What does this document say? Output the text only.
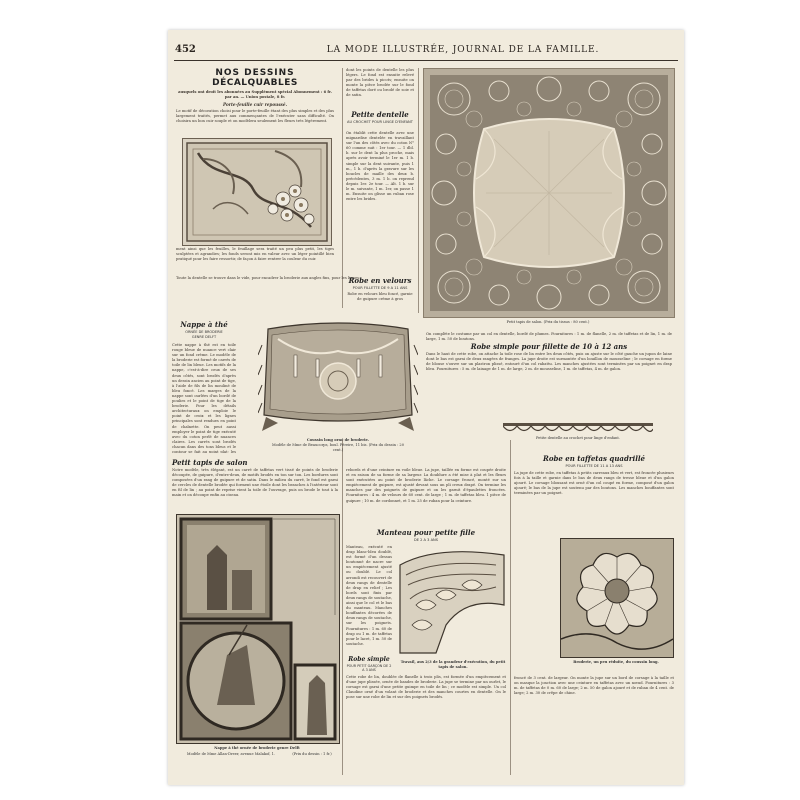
452	LA MODE ILLUSTRÉE, JOURNAL DE LA FAMILLE.
NOS DESSINS
DÉCALQUABLES
auxquels ont droit les abonnées au Supplément spécial Abonnement : 6 fr. par an. — Union postale, 8 fr.
Porte-feuille cuir repoussé.
Le motif de décoration choisi pour le porte-feuille étant des plus simples et des plus largement traités, permet aux commençantes de l'exécuter sans difficulté. On choisira un bon cuir souple et on modèlera seulement les fleurs très légèrement.
ment ainsi que les feuilles, le feuillage sera traité un peu plus petit, les tiges sculptées et agrandies; les fonds seront mis en valeur avec un léger pointillé bien pratiqué pour les faire ressortir, de façon à faire rentrer la couleur du cuir.
Toute la dentelle se trouve dans le vide, pour encadrer la broderie aux angles fins, pour les lignes.
dont les points de dentelle les plus légers. Le fond est ensuite relevé par des brides à picots; ensuite on monte la pièce brodée sur le fond de taffetas doré ou brodé de soie et de satin.
Petite dentelle
AU CROCHET POUR LINGE D'ENFANT
On établit cette dentelle avec une mignardise dentelée en travaillant sur l'un des côtés avec du coton N° 60 comme suit : 1er tour. — 1 dbl. b. sur le dent la plus proche, mais après avoir terminé le 1er m. 1 b. simple sur la dent suivante, puis 1 m., 1 b. d'après la gravure sur les boucles de maille des deux b. précédentes, 3 m. 1 b. on reprend depuis 1er. 2e tour. — Alt. 1 b. sur le m. suivante, 1 m. 1er, on passe 1 m. Ensuite on glisse un ruban rose entre les brides.
Robe en velours
POUR FILLETTE DE 9 A 11 ANS
Robe en velours bleu foncé, garnie de guipure crème à gros
Petit tapis de salon. (Prix du tissus : 80 cent.)
On complète le costume par un col en dentelle, bordé de plumes. Fournitures : 1 m. de flanelle, 2 m. de taffetas et de lin, 1 m. de large, 1 m. 50 de boutons.
Nappe à thé
ORNÉE DE BRODERIE
GENRE DELFT
Cette nappe à thé est en toile rouge bleue de nuance vert clair sur un fond crème. Le modèle de la broderie est formé de carrés de toile de lin bleue. Les motifs de la nappe, c'est-à-dire ceux de ses deux côtés, sont brodés d'après un dessin ancien au point de tige, à l'aide de fils de lin mouliné de bleu foncé. Les marges de la nappe sont ourlées d'un bordé de poulies et le point de tige de la broderie. Pour les détails architecturaux on emploie le point de croix et les lignes principales sont rendues en point de chaînette. On peut aussi employer le point de tige exécuté avec du coton perlé de nuances claires. Les carrés sont brodés chacun dans des tons bleus et le contour se fait au point plat; les
Coussin long orné de broderie.
Modèle de Mme de Beaucorps, boul. Péreire, 11 bis. (Prix du dessin : 20 cent.)
Robe simple pour fillette de 10 à 12 ans
Dans le haut de cette robe, on attache la toile rose de lin entre les deux côtés, puis on ajuste sur le côté gauche un jupon de laine dont le bas est garni de deux rangées de franges. La jupe droite est surmontée d'un bouillon de mousseline ; le corsage en forme de blouse s'ouvre sur un plastron plissé, entouré d'un col rabattu. Les manches ajustées sont terminées par un poignet en drap bleu. Fournitures : 5 m. de lainage de 1 m. de large, 2 m. de mousseline, 1 m. de taffetas, 4 m. de galon.
Petite dentelle au crochet pour linge d'enfant.
Petit tapis de salon
Notre modèle, très élégant, est un carré de taffetas vert tissé de points de broderie découpée, de guipure, d'entre-deux, de motifs brodés en ton sur ton. Les bordures sont composées d'un rang de guipure et de satin. Dans le milieu du carré, le fond est garni de cercles de dentelle brodée qui forment une étoile dont les branches à l'intérieur sont en fil de lin ; au point de reprise vient la toile de l'ouvrage, puis on brode le tout à la main et on découpe enfin au ciseau.
Nappe à thé ornée de broderie genre Delft
Modèle de Mme Allan-Dreer, avenue Malakof, 1.	(Prix du dessin : 1 fr.)
rebords et d'une ceinture en voile bleue. La jupe, taillée en forme est coupée droite et en raison de sa forme de sa largeur. La doublure a été mise à plat et les fleurs sont exécutées au point de broderie lâche. Le corsage froncé, monté sur un empiècement de guipure, est ajusté devant sous un pli creux drapé. On termine les manches par des poignets de guipure et on les garnit d'épaulettes froncées. Fournitures : 4 m. de velours de 60 cent. de large ; 1 m. de taffetas bleu. 1 pièce de guipure ; 10 m. de cordonnet, et 1 m. 25 de ruban pour la ceinture.
Manteau pour petite fille
DE 2 A 3 ANS
Manteau, exécuté en drap blanc-bleu doublé, est formé d'un dessus boutonné de nacre sur un empiècement ajusté ou doublé. Le col arrondi est recouvert de deux rangs de dentelle de drap en relief ; Les bords sont finis par deux rangs de soutache, ainsi que le col et le bas du manteau. Manches bouffantes décorées de deux rangs de soutache, sur les poignets. Fournitures : 1 m. 60 de drap ou 1 m. de taffetas pour le lacet, 1 m. 50 de soutache.
Robe simple
POUR PETIT GARÇON DE 2 A 3 ANS
Cette robe de lin, doublée de flanelle à trois plis, est formée d'un empiècement et d'une jupe plissée, ornée de bandes de broderie. La jupe se termine par un ourlet, le corsage est garni d'une petite guimpe en toile de lin ; ce modèle est simple. Un col Claudine orné d'un volant de broderie et des manches courtes en dentelle. On le pose sur une robe de lin et sur des poignets brodés.
Travail, aux 2/3 de la grandeur d'exécution, du petit tapis de salon.
Robe en taffetas quadrillé
POUR FILLETTE DE 11 A 13 ANS
La jupe de cette robe, en taffetas à petits carreaux bleu et vert, est froncée plusieurs fois à la taille et garnie dans le bas de deux rangs de tresse bleue et d'un galon ajouré. Le corsage blousant est orné d'un col coupé en forme, composé d'un galon ajouré; le bas de la jupe est soutenu par des boutons. Les manches bouffantes sont terminées par un poignet.
Broderie, un peu réduite, du coussin long.
froncé de 3 cent. de largeur. On monte la jupe sur un bord de corsage à la taille et on masque la jonction avec une ceinture en taffetas avec un nœud. Fournitures : 3 m. de taffetas de 0 m. 60 de large; 2 m. 50 de galon ajouré et de ruban de 4 cent. de large; 2 m. 30 de crêpe de chine.
